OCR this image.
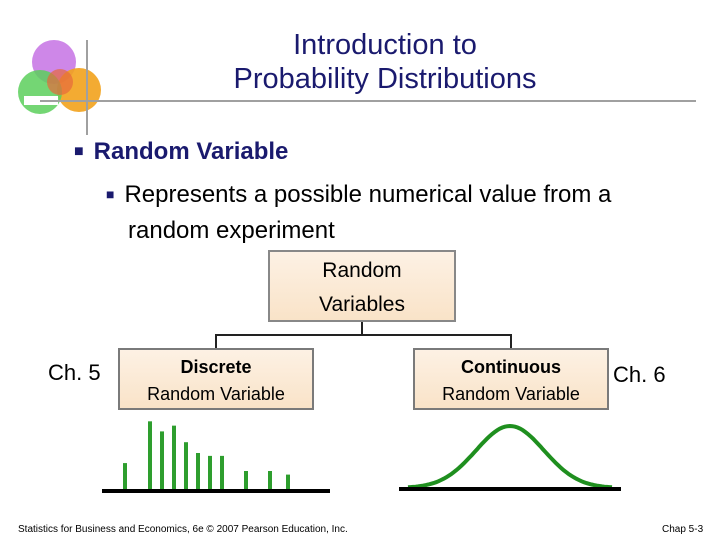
Introduction to
Probability Distributions
■ Random Variable
■ Represents a possible numerical value from a
random experiment
Random
Variables
Discrete
Random Variable
Continuous
Random Variable
Ch. 5	Ch. 6
Statistics for Business and Economics, 6e © 2007 Pearson Education, Inc.	Chap 5-3
